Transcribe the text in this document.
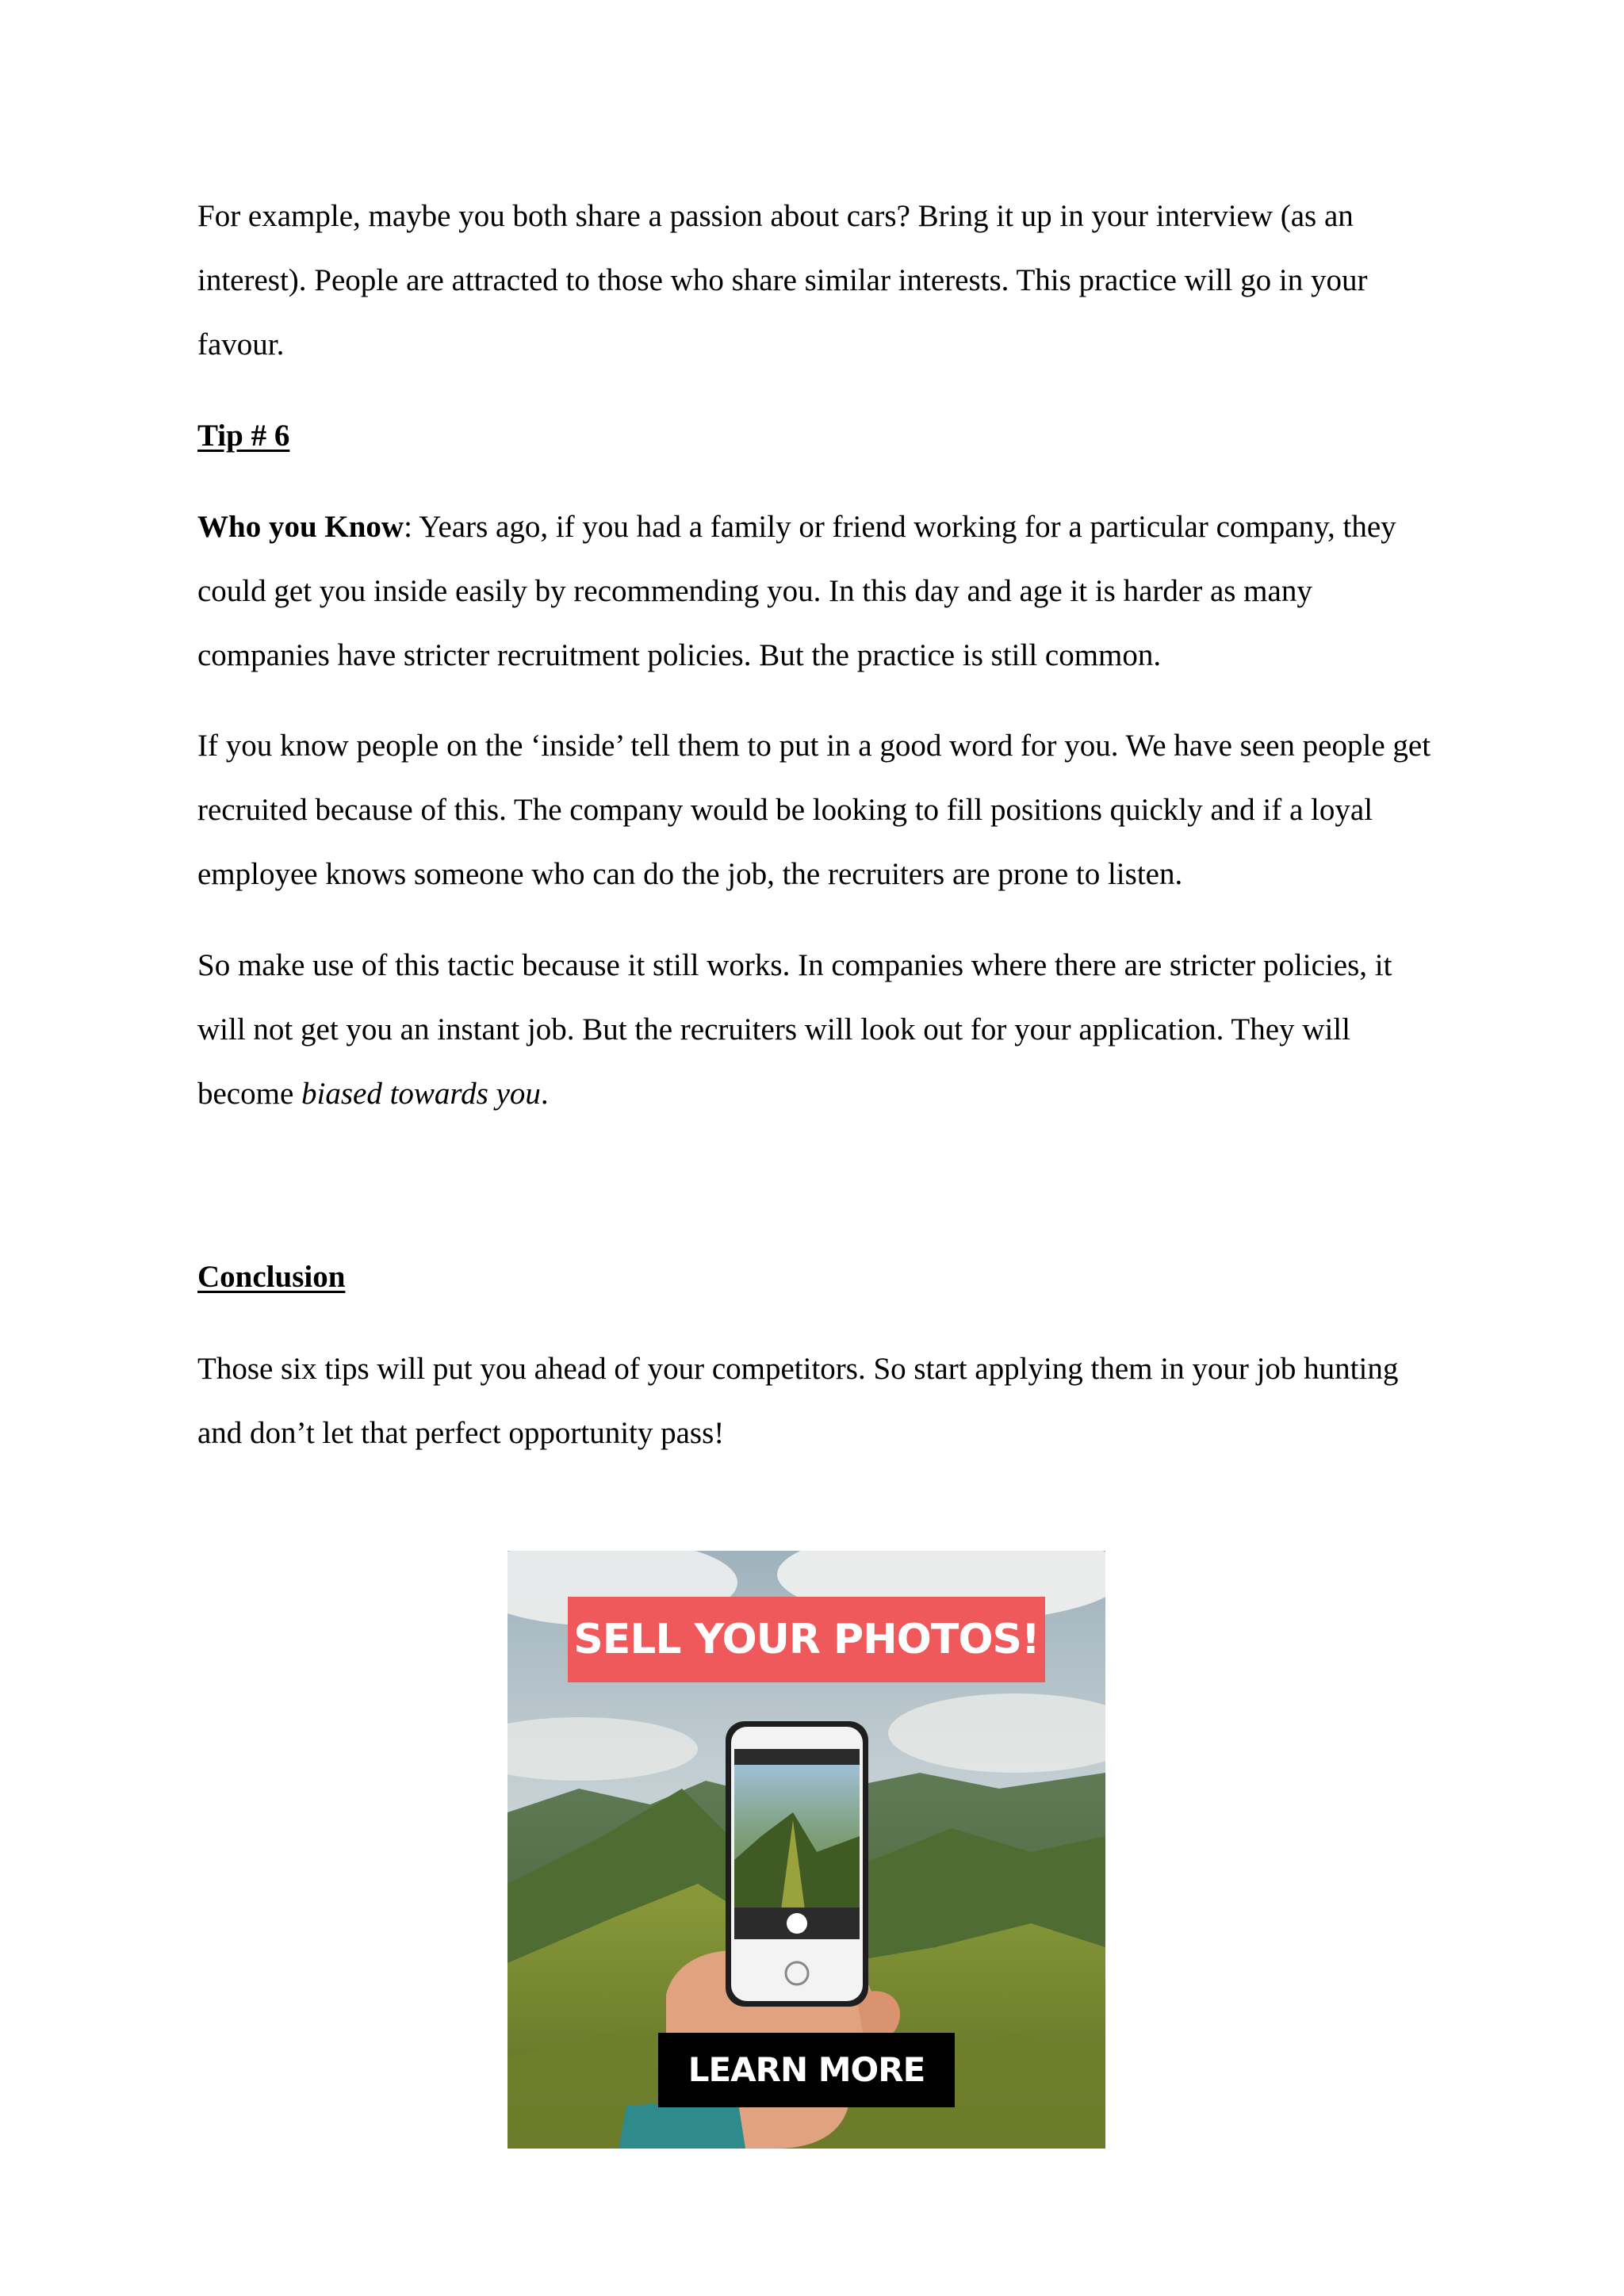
For example, maybe you both share a passion about cars? Bring it up in your interview (as an interest). People are attracted to those who share similar interests. This practice will go in your favour.

Tip # 6

Who you Know: Years ago, if you had a family or friend working for a particular company, they could get you inside easily by recommending you. In this day and age it is harder as many companies have stricter recruitment policies. But the practice is still common.

If you know people on the ‘inside’ tell them to put in a good word for you. We have seen people get recruited because of this. The company would be looking to fill positions quickly and if a loyal employee knows someone who can do the job, the recruiters are prone to listen.

So make use of this tactic because it still works. In companies where there are stricter policies, it will not get you an instant job. But the recruiters will look out for your application. They will become biased towards you.

Conclusion

Those six tips will put you ahead of your competitors. So start applying them in your job hunting and don’t let that perfect opportunity pass!

SELL YOUR PHOTOS!
LEARN MORE
